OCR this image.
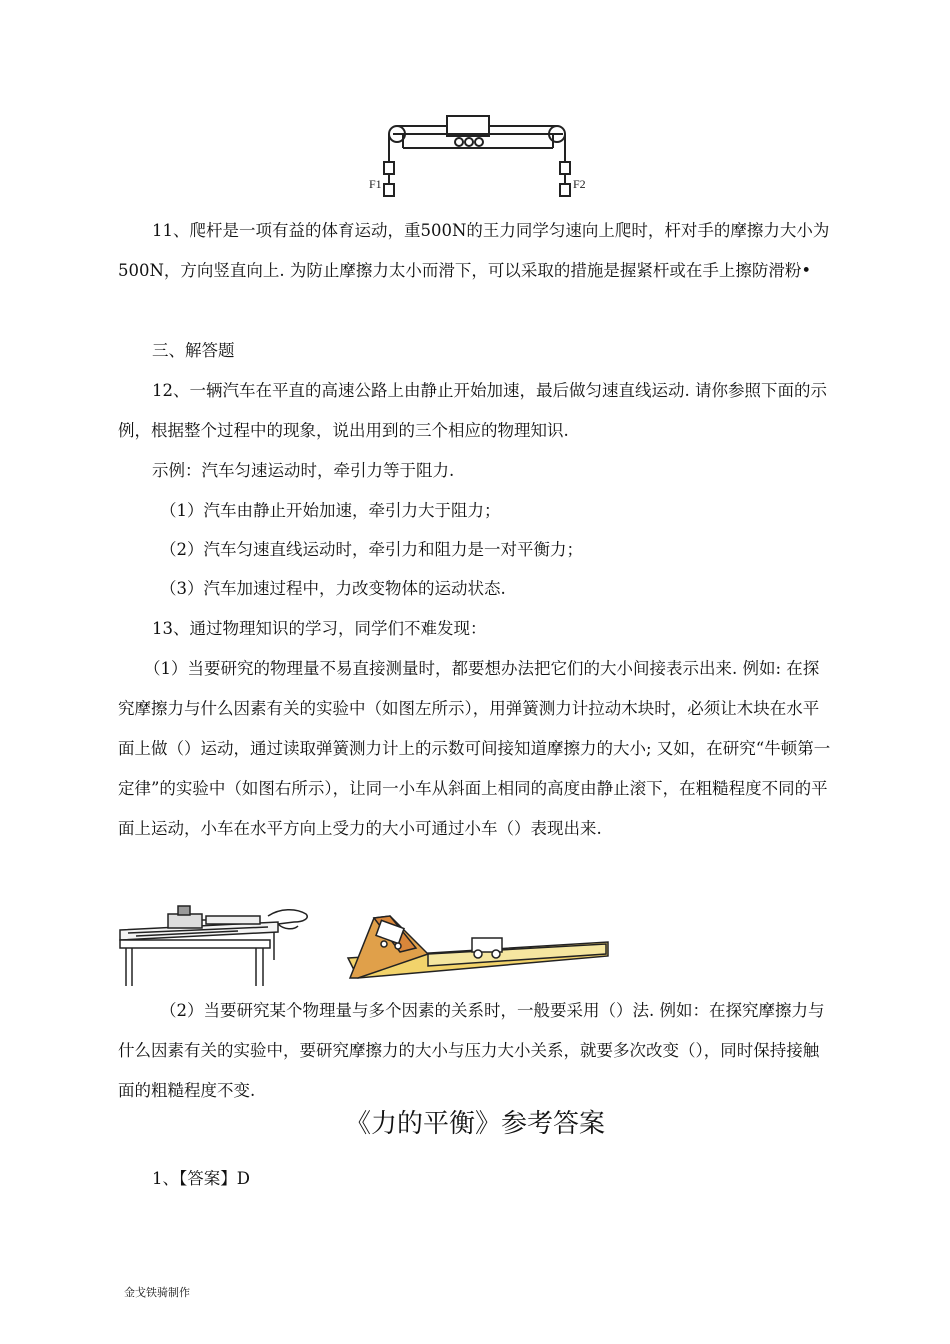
F1	F2

11、爬杆是一项有益的体育运动，重500N的王力同学匀速向上爬时，杆对手的摩擦力大小为500N，方向竖直向上. 为防止摩擦力太小而滑下，可以采取的措施是握紧杆或在手上擦防滑粉•

三、解答题

12、一辆汽车在平直的高速公路上由静止开始加速，最后做匀速直线运动. 请你参照下面的示例，根据整个过程中的现象，说出用到的三个相应的物理知识.

示例：汽车匀速运动时，牵引力等于阻力.

（1）汽车由静止开始加速，牵引力大于阻力；

（2）汽车匀速直线运动时，牵引力和阻力是一对平衡力；

（3）汽车加速过程中，力改变物体的运动状态.

13、通过物理知识的学习，同学们不难发现：

（1）当要研究的物理量不易直接测量时，都要想办法把它们的大小间接表示出来. 例如: 在探究摩擦力与什么因素有关的实验中（如图左所示），用弹簧测力计拉动木块时，必须让木块在水平面上做（）运动，通过读取弹簧测力计上的示数可间接知道摩擦力的大小; 又如，在研究“牛顿第一定律”的实验中（如图右所示），让同一小车从斜面上相同的高度由静止滚下，在粗糙程度不同的平面上运动，小车在水平方向上受力的大小可通过小车（）表现出来.

（2）当要研究某个物理量与多个因素的关系时，一般要采用（）法. 例如：在探究摩擦力与什么因素有关的实验中，要研究摩擦力的大小与压力大小关系，就要多次改变（），同时保持接触面的粗糙程度不变.

《力的平衡》参考答案

1、【答案】D

金戈铁骑制作
